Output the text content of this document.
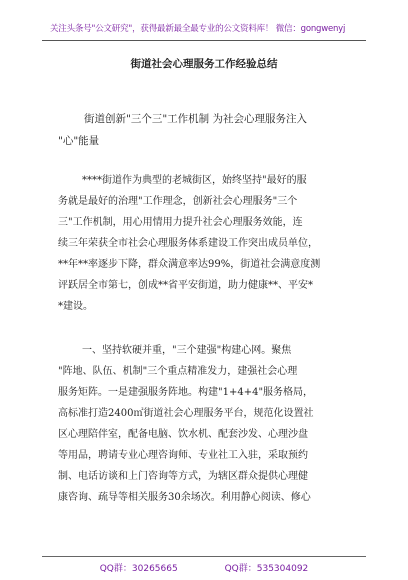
关注头条号"公文研究"，获得最新最全最专业的公文资料库！ 微信：gongwenyj
街道社会心理服务工作经验总结
街道创新"三个三"工作机制 为社会心理服务注入
"心"能量
****街道作为典型的老城街区，始终坚持"最好的服
务就是最好的治理"工作理念，创新社会心理服务"三个
三"工作机制，用心用情用力提升社会心理服务效能，连
续三年荣获全市社会心理服务体系建设工作突出成员单位，
**年**率逐步下降，群众满意率达99%，街道社会满意度测
评跃居全市第七，创成**省平安街道，助力健康**、平安*
*建设。
一、坚持软硬并重，"三个建强"构建心网。聚焦
"阵地、队伍、机制"三个重点精准发力，建强社会心理
服务矩阵。一是建强服务阵地。构建"1+4+4"服务格局，
高标准打造2400㎡街道社会心理服务平台，规范化设置社
区心理陪伴室，配备电脑、饮水机、配套沙发、心理沙盘
等用品，聘请专业心理咨询师、专业社工入驻，采取预约
制、电话访谈和上门咨询等方式，为辖区群众提供心理健
康咨询、疏导等相关服务30余场次。利用静心阅读、修心
QQ群：30265665	QQ群：535304092
